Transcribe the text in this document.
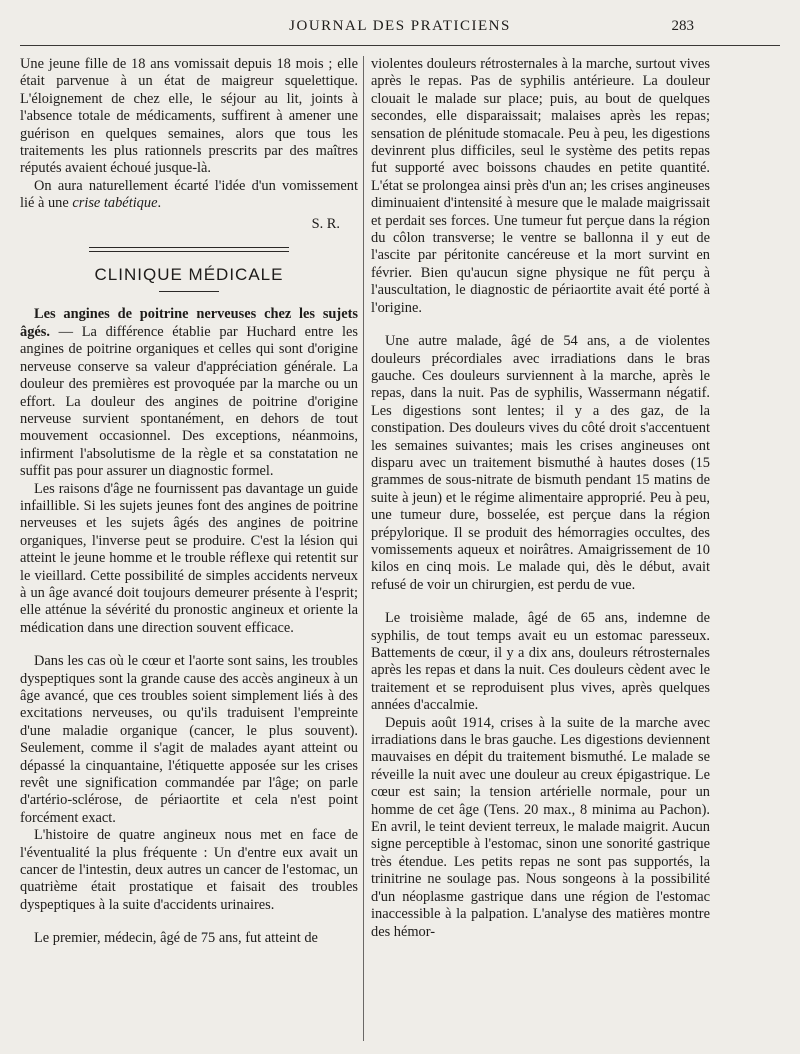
JOURNAL DES PRATICIENS	283

Une jeune fille de 18 ans vomissait depuis 18 mois ; elle était parvenue à un état de maigreur squelettique. L'éloignement de chez elle, le séjour au lit, joints à l'absence totale de médicaments, suffirent à amener une guérison en quelques semaines, alors que tous les traitements les plus rationnels prescrits par des maîtres réputés avaient échoué jusque-là.

On aura naturellement écarté l'idée d'un vomissement lié à une crise tabétique.

S. R.
CLINIQUE MÉDICALE

Les angines de poitrine nerveuses chez les sujets âgés. — La différence établie par Huchard entre les angines de poitrine organiques et celles qui sont d'origine nerveuse conserve sa valeur d'appréciation générale. La douleur des premières est provoquée par la marche ou un effort. La douleur des angines de poitrine d'origine nerveuse survient spontanément, en dehors de tout mouvement occasionnel. Des exceptions, néanmoins, infirment l'absolutisme de la règle et sa constatation ne suffit pas pour assurer un diagnostic formel.

Les raisons d'âge ne fournissent pas davantage un guide infaillible. Si les sujets jeunes font des angines de poitrine nerveuses et les sujets âgés des angines de poitrine organiques, l'inverse peut se produire. C'est la lésion qui atteint le jeune homme et le trouble réflexe qui retentit sur le vieillard. Cette possibilité de simples accidents nerveux à un âge avancé doit toujours demeurer présente à l'esprit; elle atténue la sévérité du pronostic angineux et oriente la médication dans une direction souvent efficace.

Dans les cas où le cœur et l'aorte sont sains, les troubles dyspeptiques sont la grande cause des accès angineux à un âge avancé, que ces troubles soient simplement liés à des excitations nerveuses, ou qu'ils traduisent l'empreinte d'une maladie organique (cancer, le plus souvent). Seulement, comme il s'agit de malades ayant atteint ou dépassé la cinquantaine, l'étiquette apposée sur les crises revêt une signification commandée par l'âge; on parle d'artério-sclérose, de périaortite et cela n'est point forcément exact.

L'histoire de quatre angineux nous met en face de l'éventualité la plus fréquente : Un d'entre eux avait un cancer de l'intestin, deux autres un cancer de l'estomac, un quatrième était prostatique et faisait des troubles dyspeptiques à la suite d'accidents urinaires.

Le premier, médecin, âgé de 75 ans, fut atteint de

violentes douleurs rétrosternales à la marche, surtout vives après le repas. Pas de syphilis antérieure. La douleur clouait le malade sur place; puis, au bout de quelques secondes, elle disparaissait; malaises après les repas; sensation de plénitude stomacale. Peu à peu, les digestions devinrent plus difficiles, seul le système des petits repas fut supporté avec boissons chaudes en petite quantité. L'état se prolongea ainsi près d'un an; les crises angineuses diminuaient d'intensité à mesure que le malade maigrissait et perdait ses forces. Une tumeur fut perçue dans la région du côlon transverse; le ventre se ballonna il y eut de l'ascite par péritonite cancéreuse et la mort survint en février. Bien qu'aucun signe physique ne fût perçu à l'auscultation, le diagnostic de périaortite avait été porté à l'origine.

Une autre malade, âgé de 54 ans, a de violentes douleurs précordiales avec irradiations dans le bras gauche. Ces douleurs surviennent à la marche, après le repas, dans la nuit. Pas de syphilis, Wassermann négatif. Les digestions sont lentes; il y a des gaz, de la constipation. Des douleurs vives du côté droit s'accentuent les semaines suivantes; mais les crises angineuses ont disparu avec un traitement bismuthé à hautes doses (15 grammes de sous-nitrate de bismuth pendant 15 matins de suite à jeun) et le régime alimentaire approprié. Peu à peu, une tumeur dure, bosselée, est perçue dans la région prépylorique. Il se produit des hémorragies occultes, des vomissements aqueux et noirâtres. Amaigrissement de 10 kilos en cinq mois. Le malade qui, dès le début, avait refusé de voir un chirurgien, est perdu de vue.

Le troisième malade, âgé de 65 ans, indemne de syphilis, de tout temps avait eu un estomac paresseux. Battements de cœur, il y a dix ans, douleurs rétrosternales après les repas et dans la nuit. Ces douleurs cèdent avec le traitement et se reproduisent plus vives, après quelques années d'accalmie.

Depuis août 1914, crises à la suite de la marche avec irradiations dans le bras gauche. Les digestions deviennent mauvaises en dépit du traitement bismuthé. Le malade se réveille la nuit avec une douleur au creux épigastrique. Le cœur est sain; la tension artérielle normale, pour un homme de cet âge (Tens. 20 max., 8 minima au Pachon). En avril, le teint devient terreux, le malade maigrit. Aucun signe perceptible à l'estomac, sinon une sonorité gastrique très étendue. Les petits repas ne sont pas supportés, la trinitrine ne soulage pas. Nous songeons à la possibilité d'un néoplasme gastrique dans une région de l'estomac inaccessible à la palpation. L'analyse des matières montre des hémor-
